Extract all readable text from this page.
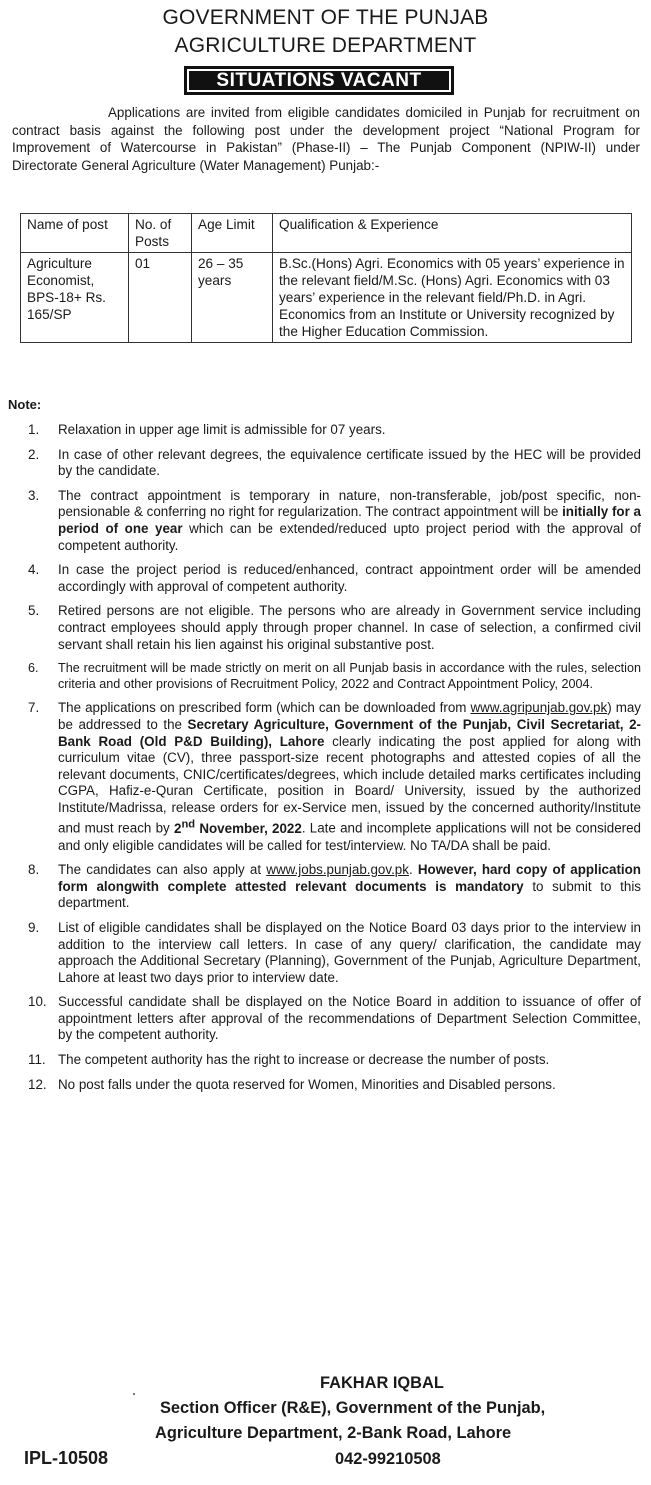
GOVERNMENT OF THE PUNJAB
AGRICULTURE DEPARTMENT
SITUATIONS VACANT
Applications are invited from eligible candidates domiciled in Punjab for recruitment on contract basis against the following post under the development project “National Program for Improvement of Watercourse in Pakistan” (Phase-II) – The Punjab Component (NPIW-II) under Directorate General Agriculture (Water Management) Punjab:-
Name of post	No. of Posts	Age Limit	Qualification & Experience
Agriculture Economist, BPS-18+ Rs. 165/SP	01	26 – 35 years	B.Sc.(Hons) Agri. Economics with 05 years’ experience in the relevant field/M.Sc. (Hons) Agri. Economics with 03 years’ experience in the relevant field/Ph.D. in Agri. Economics from an Institute or University recognized by the Higher Education Commission.
Note:
1.	Relaxation in upper age limit is admissible for 07 years.
2.	In case of other relevant degrees, the equivalence certificate issued by the HEC will be provided by the candidate.
3.	The contract appointment is temporary in nature, non-transferable, job/post specific, non-pensionable & conferring no right for regularization. The contract appointment will be initially for a period of one year which can be extended/reduced upto project period with the approval of competent authority.
4.	In case the project period is reduced/enhanced, contract appointment order will be amended accordingly with approval of competent authority.
5.	Retired persons are not eligible. The persons who are already in Government service including contract employees should apply through proper channel. In case of selection, a confirmed civil servant shall retain his lien against his original substantive post.
6.	The recruitment will be made strictly on merit on all Punjab basis in accordance with the rules, selection criteria and other provisions of Recruitment Policy, 2022 and Contract Appointment Policy, 2004.
7.	The applications on prescribed form (which can be downloaded from www.agripunjab.gov.pk) may be addressed to the Secretary Agriculture, Government of the Punjab, Civil Secretariat, 2-Bank Road (Old P&D Building), Lahore clearly indicating the post applied for along with curriculum vitae (CV), three passport-size recent photographs and attested copies of all the relevant documents, CNIC/certificates/degrees, which include detailed marks certificates including CGPA, Hafiz-e-Quran Certificate, position in Board/ University, issued by the authorized Institute/Madrissa, release orders for ex-Service men, issued by the concerned authority/Institute and must reach by 2nd November, 2022. Late and incomplete applications will not be considered and only eligible candidates will be called for test/interview. No TA/DA shall be paid.
8.	The candidates can also apply at www.jobs.punjab.gov.pk. However, hard copy of application form alongwith complete attested relevant documents is mandatory to submit to this department.
9.	List of eligible candidates shall be displayed on the Notice Board 03 days prior to the interview in addition to the interview call letters. In case of any query/ clarification, the candidate may approach the Additional Secretary (Planning), Government of the Punjab, Agriculture Department, Lahore at least two days prior to interview date.
10. Successful candidate shall be displayed on the Notice Board in addition to issuance of offer of appointment letters after approval of the recommendations of Department Selection Committee, by the competent authority.
11. The competent authority has the right to increase or decrease the number of posts.
12. No post falls under the quota reserved for Women, Minorities and Disabled persons.
FAKHAR IQBAL
Section Officer (R&E), Government of the Punjab,
Agriculture Department, 2-Bank Road, Lahore
042-99210508
IPL-10508
